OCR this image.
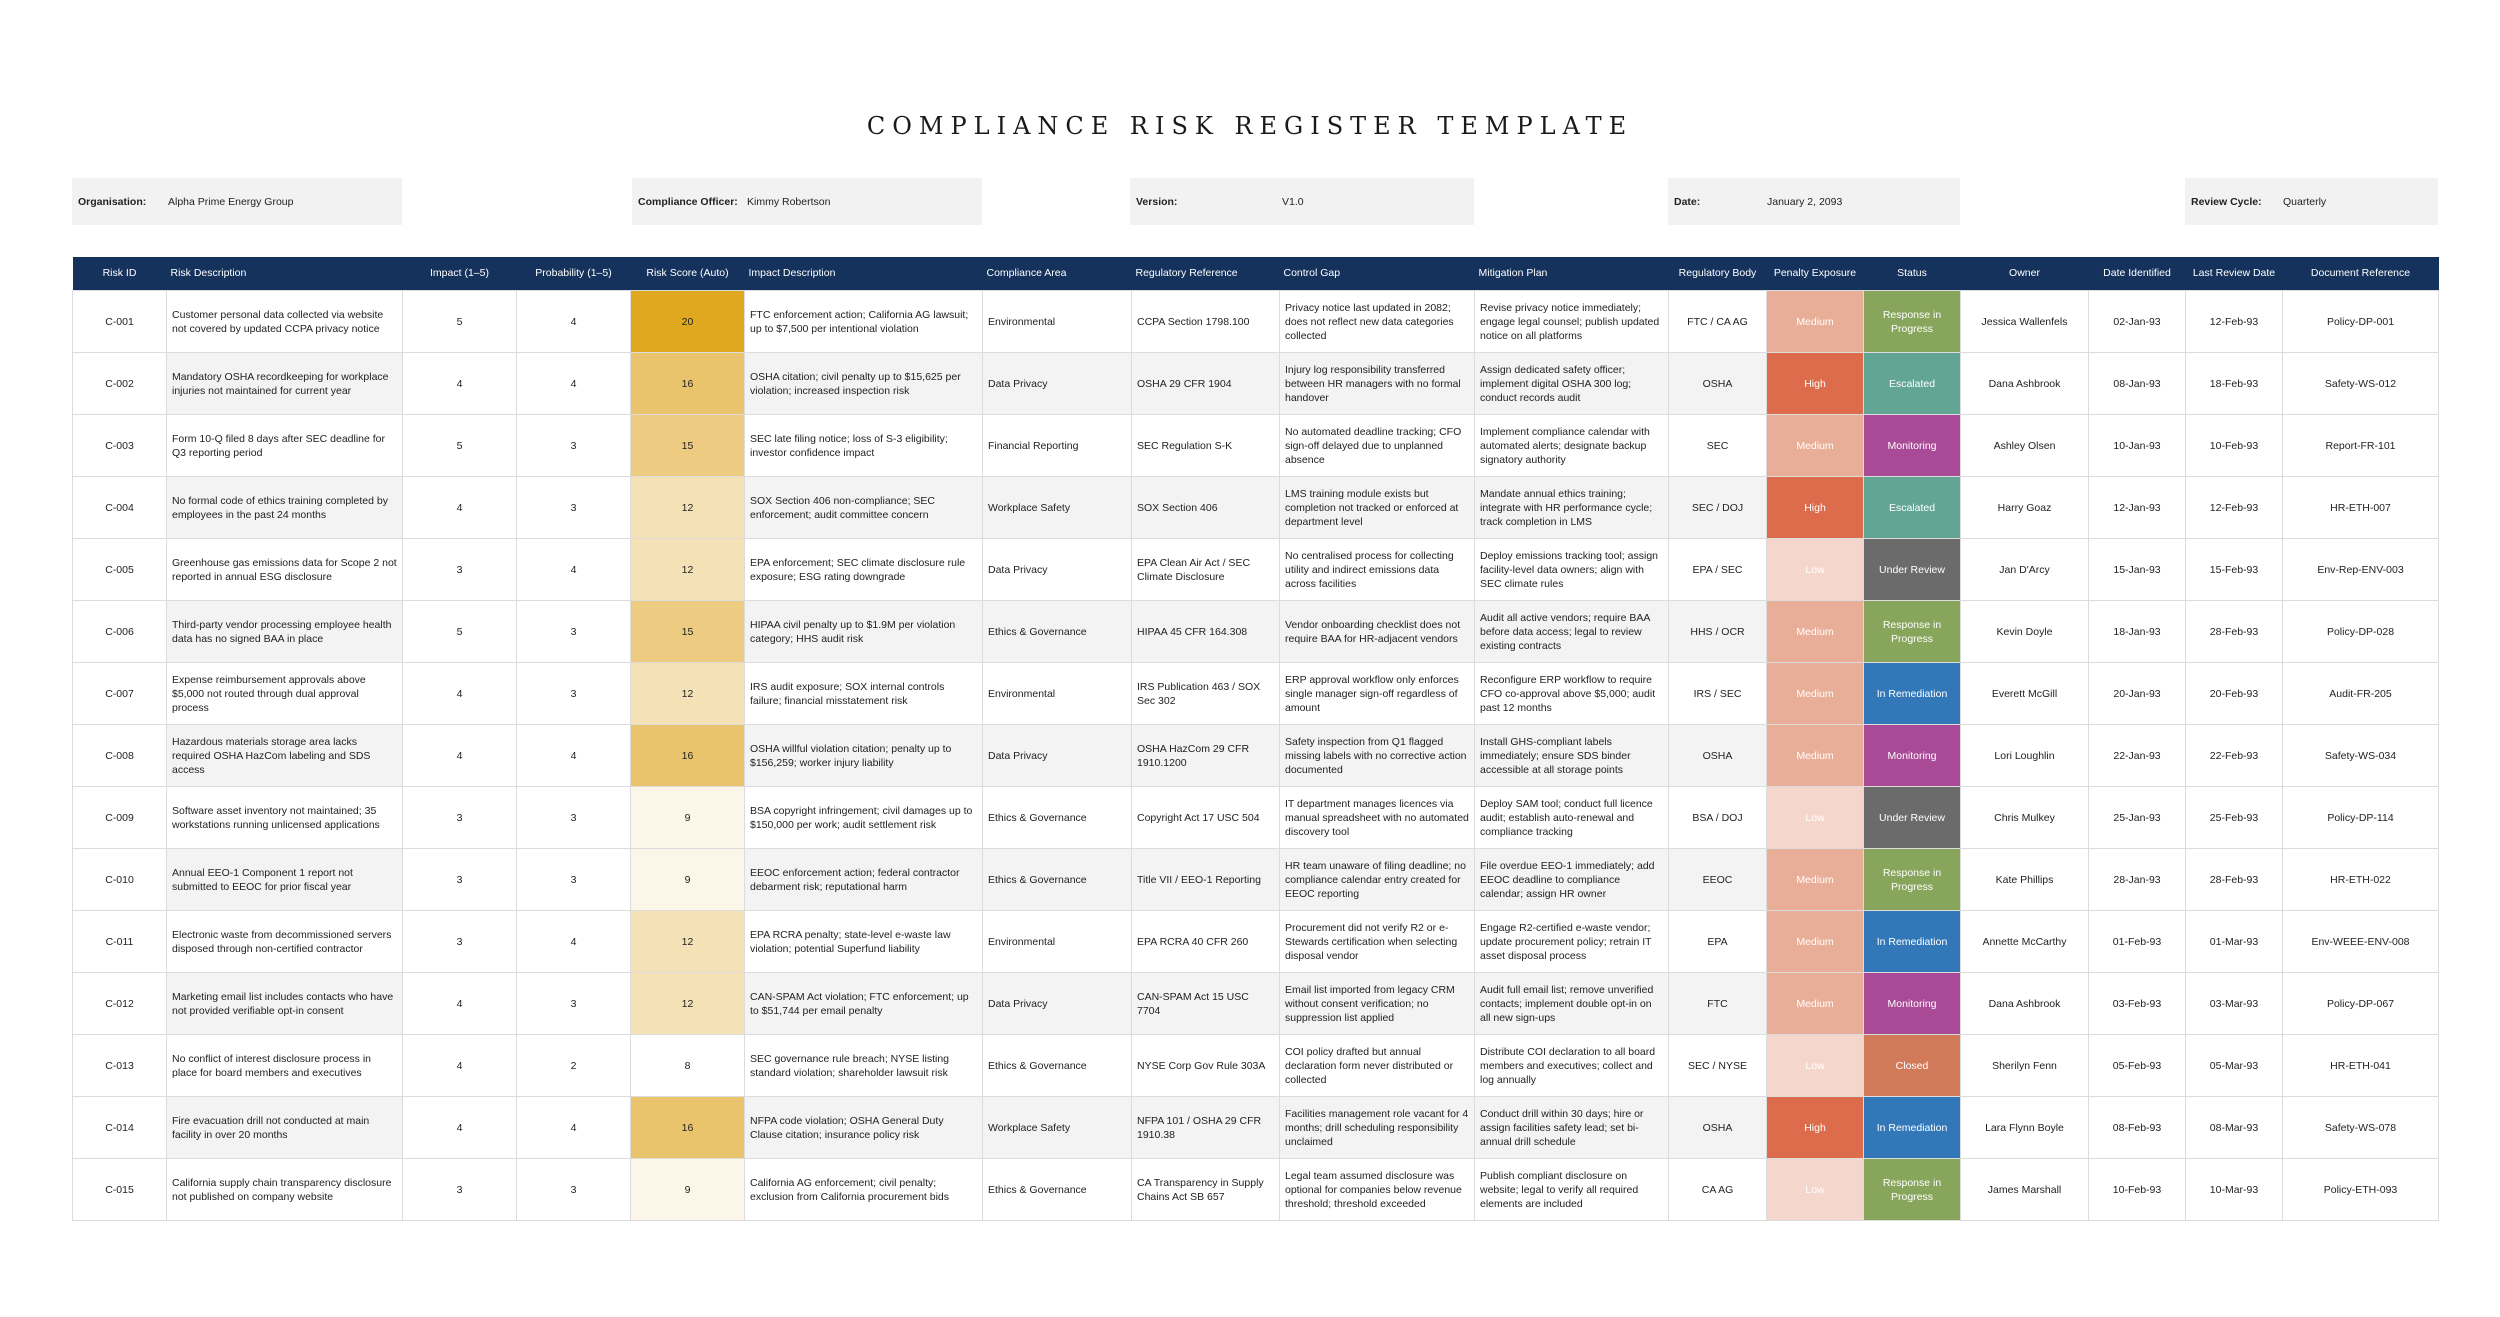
COMPLIANCE RISK REGISTER TEMPLATE
Organisation: Alpha Prime Energy Group	Compliance Officer: Kimmy Robertson	Version:	V1.0	Date:	January 2, 2093	Review Cycle: Quarterly
Risk ID	Risk Description	Impact (1–5)	Probability (1–5)	Risk Score (Auto)	Impact Description	Compliance Area	Regulatory Reference	Control Gap	Mitigation Plan	Regulatory Body	Penalty Exposure	Status	Owner	Date Identified	Last Review Date	Document Reference
C-001	Customer personal data collected via website not covered by updated CCPA privacy notice	5	4	20	FTC enforcement action; California AG lawsuit; up to $7,500 per intentional violation	Environmental	CCPA Section 1798.100	Privacy notice last updated in 2082; does not reflect new data categories collected	Revise privacy notice immediately; engage legal counsel; publish updated notice on all platforms	FTC / CA AG	Medium	Response in Progress	Jessica Wallenfels	02-Jan-93	12-Feb-93	Policy-DP-001
C-002	Mandatory OSHA recordkeeping for workplace injuries not maintained for current year	4	4	16	OSHA citation; civil penalty up to $15,625 per violation; increased inspection risk	Data Privacy	OSHA 29 CFR 1904	Injury log responsibility transferred between HR managers with no formal handover	Assign dedicated safety officer; implement digital OSHA 300 log; conduct records audit	OSHA	High	Escalated	Dana Ashbrook	08-Jan-93	18-Feb-93	Safety-WS-012
C-003	Form 10-Q filed 8 days after SEC deadline for Q3 reporting period	5	3	15	SEC late filing notice; loss of S-3 eligibility; investor confidence impact	Financial Reporting	SEC Regulation S-K	No automated deadline tracking; CFO sign-off delayed due to unplanned absence	Implement compliance calendar with automated alerts; designate backup signatory authority	SEC	Medium	Monitoring	Ashley Olsen	10-Jan-93	10-Feb-93	Report-FR-101
C-004	No formal code of ethics training completed by employees in the past 24 months	4	3	12	SOX Section 406 non-compliance; SEC enforcement; audit committee concern	Workplace Safety	SOX Section 406	LMS training module exists but completion not tracked or enforced at department level	Mandate annual ethics training; integrate with HR performance cycle; track completion in LMS	SEC / DOJ	High	Escalated	Harry Goaz	12-Jan-93	12-Feb-93	HR-ETH-007
C-005	Greenhouse gas emissions data for Scope 2 not reported in annual ESG disclosure	3	4	12	EPA enforcement; SEC climate disclosure rule exposure; ESG rating downgrade	Data Privacy	EPA Clean Air Act / SEC Climate Disclosure	No centralised process for collecting utility and indirect emissions data across facilities	Deploy emissions tracking tool; assign facility-level data owners; align with SEC climate rules	EPA / SEC	Low	Under Review	Jan D'Arcy	15-Jan-93	15-Feb-93	Env-Rep-ENV-003
C-006	Third-party vendor processing employee health data has no signed BAA in place	5	3	15	HIPAA civil penalty up to $1.9M per violation category; HHS audit risk	Ethics & Governance	HIPAA 45 CFR 164.308	Vendor onboarding checklist does not require BAA for HR-adjacent vendors	Audit all active vendors; require BAA before data access; legal to review existing contracts	HHS / OCR	Medium	Response in Progress	Kevin Doyle	18-Jan-93	28-Feb-93	Policy-DP-028
C-007	Expense reimbursement approvals above $5,000 not routed through dual approval process	4	3	12	IRS audit exposure; SOX internal controls failure; financial misstatement risk	Environmental	IRS Publication 463 / SOX Sec 302	ERP approval workflow only enforces single manager sign-off regardless of amount	Reconfigure ERP workflow to require CFO co-approval above $5,000; audit past 12 months	IRS / SEC	Medium	In Remediation	Everett McGill	20-Jan-93	20-Feb-93	Audit-FR-205
C-008	Hazardous materials storage area lacks required OSHA HazCom labeling and SDS access	4	4	16	OSHA willful violation citation; penalty up to $156,259; worker injury liability	Data Privacy	OSHA HazCom 29 CFR 1910.1200	Safety inspection from Q1 flagged missing labels with no corrective action documented	Install GHS-compliant labels immediately; ensure SDS binder accessible at all storage points	OSHA	Medium	Monitoring	Lori Loughlin	22-Jan-93	22-Feb-93	Safety-WS-034
C-009	Software asset inventory not maintained; 35 workstations running unlicensed applications	3	3	9	BSA copyright infringement; civil damages up to $150,000 per work; audit settlement risk	Ethics & Governance	Copyright Act 17 USC 504	IT department manages licences via manual spreadsheet with no automated discovery tool	Deploy SAM tool; conduct full licence audit; establish auto-renewal and compliance tracking	BSA / DOJ	Low	Under Review	Chris Mulkey	25-Jan-93	25-Feb-93	Policy-DP-114
C-010	Annual EEO-1 Component 1 report not submitted to EEOC for prior fiscal year	3	3	9	EEOC enforcement action; federal contractor debarment risk; reputational harm	Ethics & Governance	Title VII / EEO-1 Reporting	HR team unaware of filing deadline; no compliance calendar entry created for EEOC reporting	File overdue EEO-1 immediately; add EEOC deadline to compliance calendar; assign HR owner	EEOC	Medium	Response in Progress	Kate Phillips	28-Jan-93	28-Feb-93	HR-ETH-022
C-011	Electronic waste from decommissioned servers disposed through non-certified contractor	3	4	12	EPA RCRA penalty; state-level e-waste law violation; potential Superfund liability	Environmental	EPA RCRA 40 CFR 260	Procurement did not verify R2 or e-Stewards certification when selecting disposal vendor	Engage R2-certified e-waste vendor; update procurement policy; retrain IT asset disposal process	EPA	Medium	In Remediation	Annette McCarthy	01-Feb-93	01-Mar-93	Env-WEEE-ENV-008
C-012	Marketing email list includes contacts who have not provided verifiable opt-in consent	4	3	12	CAN-SPAM Act violation; FTC enforcement; up to $51,744 per email penalty	Data Privacy	CAN-SPAM Act 15 USC 7704	Email list imported from legacy CRM without consent verification; no suppression list applied	Audit full email list; remove unverified contacts; implement double opt-in on all new sign-ups	FTC	Medium	Monitoring	Dana Ashbrook	03-Feb-93	03-Mar-93	Policy-DP-067
C-013	No conflict of interest disclosure process in place for board members and executives	4	2	8	SEC governance rule breach; NYSE listing standard violation; shareholder lawsuit risk	Ethics & Governance	NYSE Corp Gov Rule 303A	COI policy drafted but annual declaration form never distributed or collected	Distribute COI declaration to all board members and executives; collect and log annually	SEC / NYSE	Low	Closed	Sherilyn Fenn	05-Feb-93	05-Mar-93	HR-ETH-041
C-014	Fire evacuation drill not conducted at main facility in over 20 months	4	4	16	NFPA code violation; OSHA General Duty Clause citation; insurance policy risk	Workplace Safety	NFPA 101 / OSHA 29 CFR 1910.38	Facilities management role vacant for 4 months; drill scheduling responsibility unclaimed	Conduct drill within 30 days; hire or assign facilities safety lead; set bi-annual drill schedule	OSHA	High	In Remediation	Lara Flynn Boyle	08-Feb-93	08-Mar-93	Safety-WS-078
C-015	California supply chain transparency disclosure not published on company website	3	3	9	California AG enforcement; civil penalty; exclusion from California procurement bids	Ethics & Governance	CA Transparency in Supply Chains Act SB 657	Legal team assumed disclosure was optional for companies below revenue threshold; threshold exceeded	Publish compliant disclosure on website; legal to verify all required elements are included	CA AG	Low	Response in Progress	James Marshall	10-Feb-93	10-Mar-93	Policy-ETH-093
